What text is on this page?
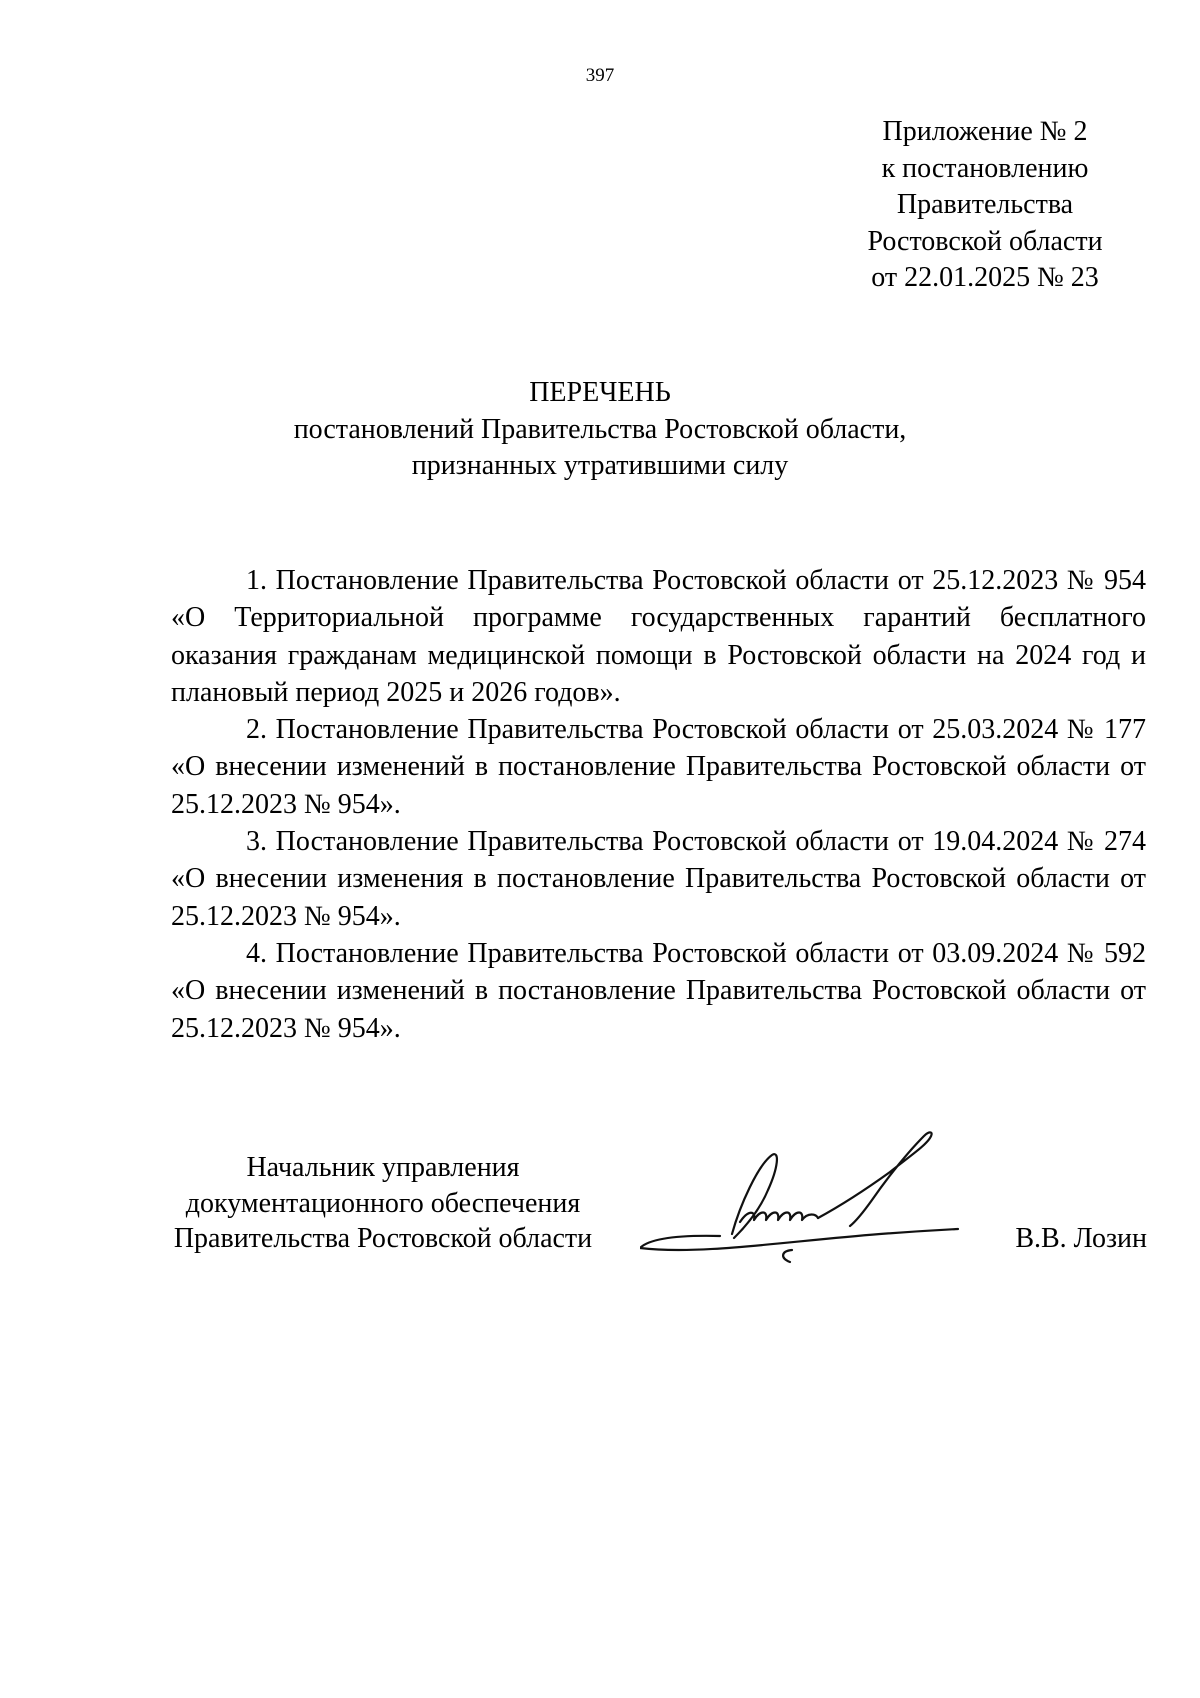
397
Приложение № 2
к постановлению
Правительства
Ростовской области
от 22.01.2025 № 23
ПЕРЕЧЕНЬ
постановлений Правительства Ростовской области,
признанных утратившими силу

1. Постановление Правительства Ростовской области от 25.12.2023 № 954 «О Территориальной программе государственных гарантий бесплатного оказания гражданам медицинской помощи в Ростовской области на 2024 год и плановый период 2025 и 2026 годов».

2. Постановление Правительства Ростовской области от 25.03.2024 № 177 «О внесении изменений в постановление Правительства Ростовской области от 25.12.2023 № 954».

3. Постановление Правительства Ростовской области от 19.04.2024 № 274 «О внесении изменения в постановление Правительства Ростовской области от 25.12.2023 № 954».

4. Постановление Правительства Ростовской области от 03.09.2024 № 592 «О внесении изменений в постановление Правительства Ростовской области от 25.12.2023 № 954».

Начальник управления
документационного обеспечения
Правительства Ростовской области	В.В. Лозин
